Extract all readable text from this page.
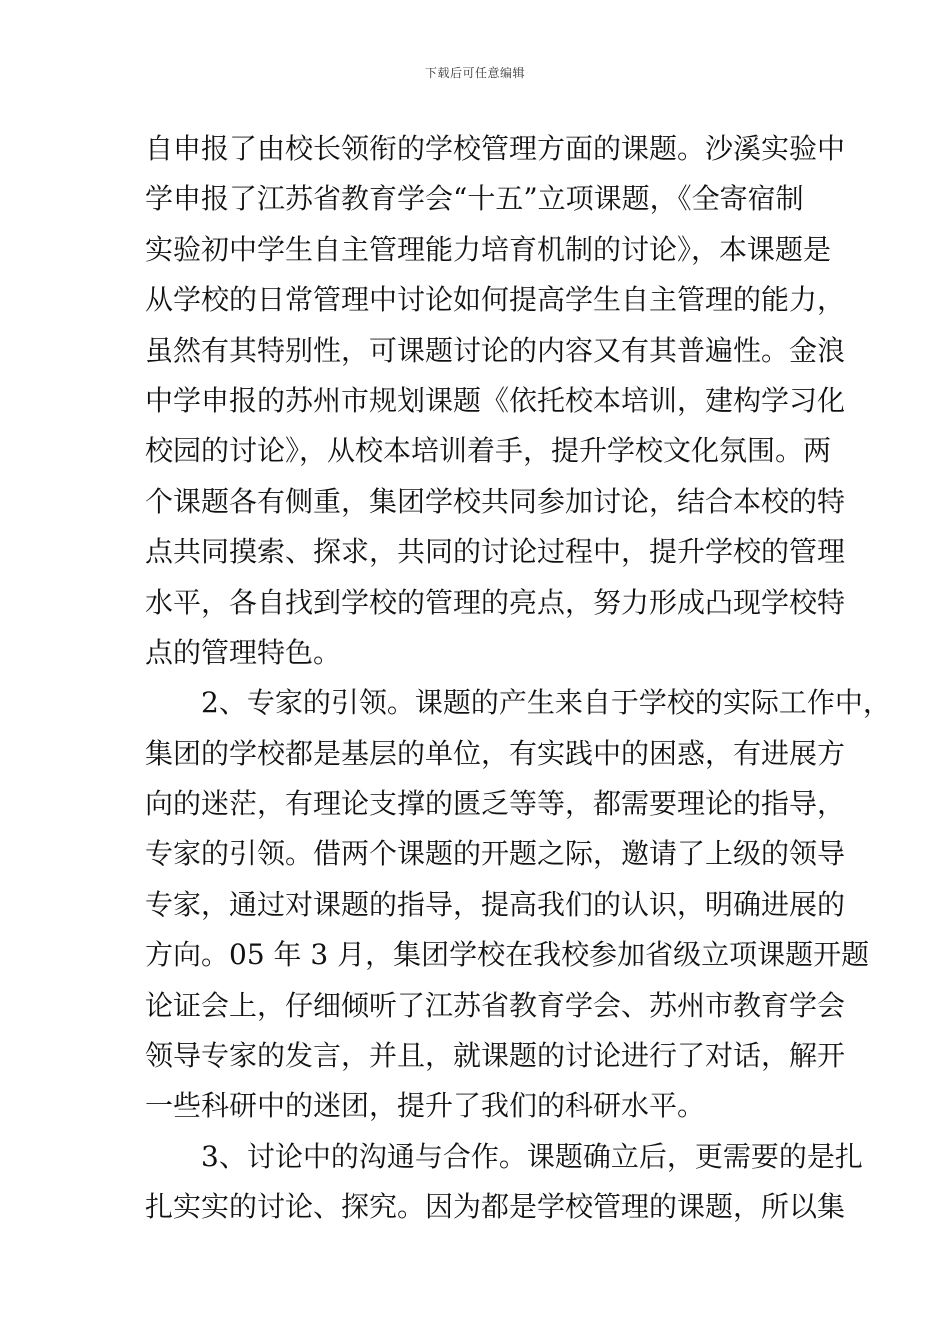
下载后可任意编辑
自申报了由校长领衔的学校管理方面的课题。沙溪实验中
学申报了江苏省教育学会“十五”立项课题，《全寄宿制
实验初中学生自主管理能力培育机制的讨论》，本课题是
从学校的日常管理中讨论如何提高学生自主管理的能力，
虽然有其特别性，可课题讨论的内容又有其普遍性。金浪
中学申报的苏州市规划课题《依托校本培训，建构学习化
校园的讨论》，从校本培训着手，提升学校文化氛围。两
个课题各有侧重，集团学校共同参加讨论，结合本校的特
点共同摸索、探求，共同的讨论过程中，提升学校的管理
水平，各自找到学校的管理的亮点，努力形成凸现学校特
点的管理特色。
　　2、专家的引领。课题的产生来自于学校的实际工作中，
集团的学校都是基层的单位，有实践中的困惑，有进展方
向的迷茫，有理论支撑的匮乏等等，都需要理论的指导，
专家的引领。借两个课题的开题之际，邀请了上级的领导
专家，通过对课题的指导，提高我们的认识，明确进展的
方向。05 年 3 月，集团学校在我校参加省级立项课题开题
论证会上，仔细倾听了江苏省教育学会、苏州市教育学会
领导专家的发言，并且，就课题的讨论进行了对话，解开
一些科研中的迷团，提升了我们的科研水平。
　　3、讨论中的沟通与合作。课题确立后，更需要的是扎
扎实实的讨论、探究。因为都是学校管理的课题，所以集
